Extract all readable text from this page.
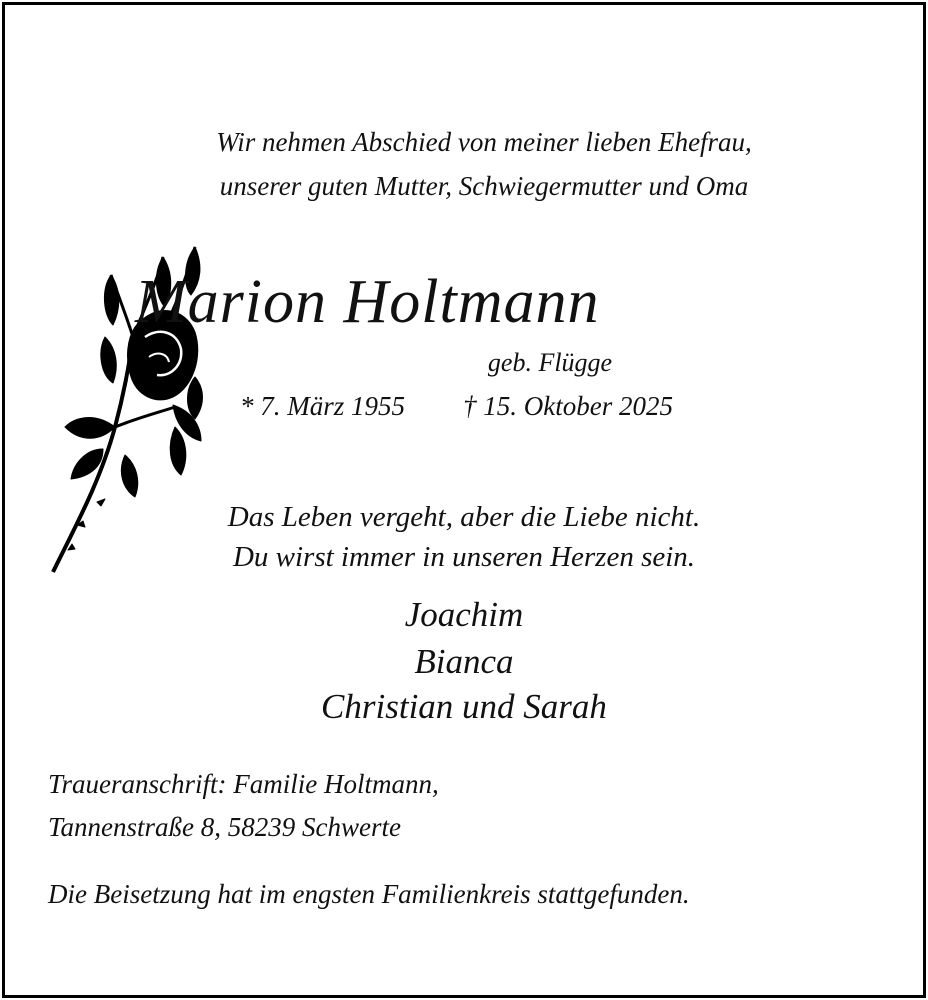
Wir nehmen Abschied von meiner lieben Ehefrau,

unserer guten Mutter, Schwiegermutter und Oma

Marion Holtmann

geb. Flügge

* 7. März 1955 † 15. Oktober 2025

Das Leben vergeht, aber die Liebe nicht.

Du wirst immer in unseren Herzen sein.

Joachim

Bianca

Christian und Sarah

Traueranschrift: Familie Holtmann,

Tannenstraße 8, 58239 Schwerte

Die Beisetzung hat im engsten Familienkreis stattgefunden.
